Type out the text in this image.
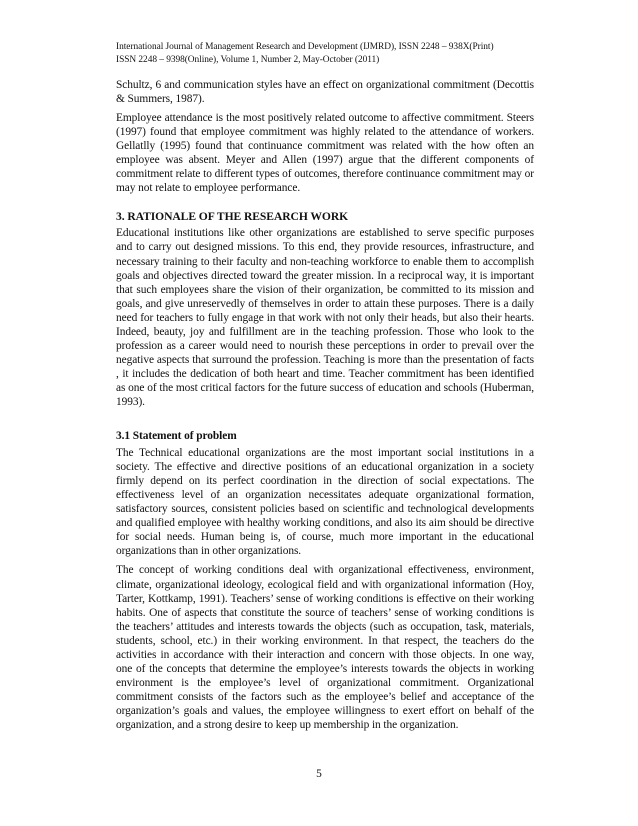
International Journal of Management Research and Development (IJMRD), ISSN 2248 – 938X(Print)
ISSN 2248 – 9398(Online), Volume 1, Number 2, May-October (2011)

Schultz, 6 and communication styles have an effect on organizational commitment (Decottis & Summers, 1987).

Employee attendance is the most positively related outcome to affective commitment. Steers (1997) found that employee commitment was highly related to the attendance of workers. Gellatlly (1995) found that continuance commitment was related with the how often an employee was absent. Meyer and Allen (1997) argue that the different components of commitment relate to different types of outcomes, therefore continuance commitment may or may not relate to employee performance.

3. RATIONALE OF THE RESEARCH WORK

Educational institutions like other organizations are established to serve specific purposes and to carry out designed missions. To this end, they provide resources, infrastructure, and necessary training to their faculty and non-teaching workforce to enable them to accomplish goals and objectives directed toward the greater mission. In a reciprocal way, it is important that such employees share the vision of their organization, be committed to its mission and goals, and give unreservedly of themselves in order to attain these purposes. There is a daily need for teachers to fully engage in that work with not only their heads, but also their hearts. Indeed, beauty, joy and fulfillment are in the teaching profession. Those who look to the profession as a career would need to nourish these perceptions in order to prevail over the negative aspects that surround the profession. Teaching is more than the presentation of facts , it includes the dedication of both heart and time. Teacher commitment has been identified as one of the most critical factors for the future success of education and schools (Huberman, 1993).

3.1 Statement of problem

The Technical educational organizations are the most important social institutions in a society. The effective and directive positions of an educational organization in a society firmly depend on its perfect coordination in the direction of social expectations. The effectiveness level of an organization necessitates adequate organizational formation, satisfactory sources, consistent policies based on scientific and technological developments and qualified employee with healthy working conditions, and also its aim should be directive for social needs. Human being is, of course, much more important in the educational organizations than in other organizations.

The concept of working conditions deal with organizational effectiveness, environment, climate, organizational ideology, ecological field and with organizational information (Hoy, Tarter, Kottkamp, 1991). Teachers’ sense of working conditions is effective on their working habits. One of aspects that constitute the source of teachers’ sense of working conditions is the teachers’ attitudes and interests towards the objects (such as occupation, task, materials, students, school, etc.) in their working environment. In that respect, the teachers do the activities in accordance with their interaction and concern with those objects. In one way, one of the concepts that determine the employee’s interests towards the objects in working environment is the employee’s level of organizational commitment. Organizational commitment consists of the factors such as the employee’s belief and acceptance of the organization’s goals and values, the employee willingness to exert effort on behalf of the organization, and a strong desire to keep up membership in the organization.

5
